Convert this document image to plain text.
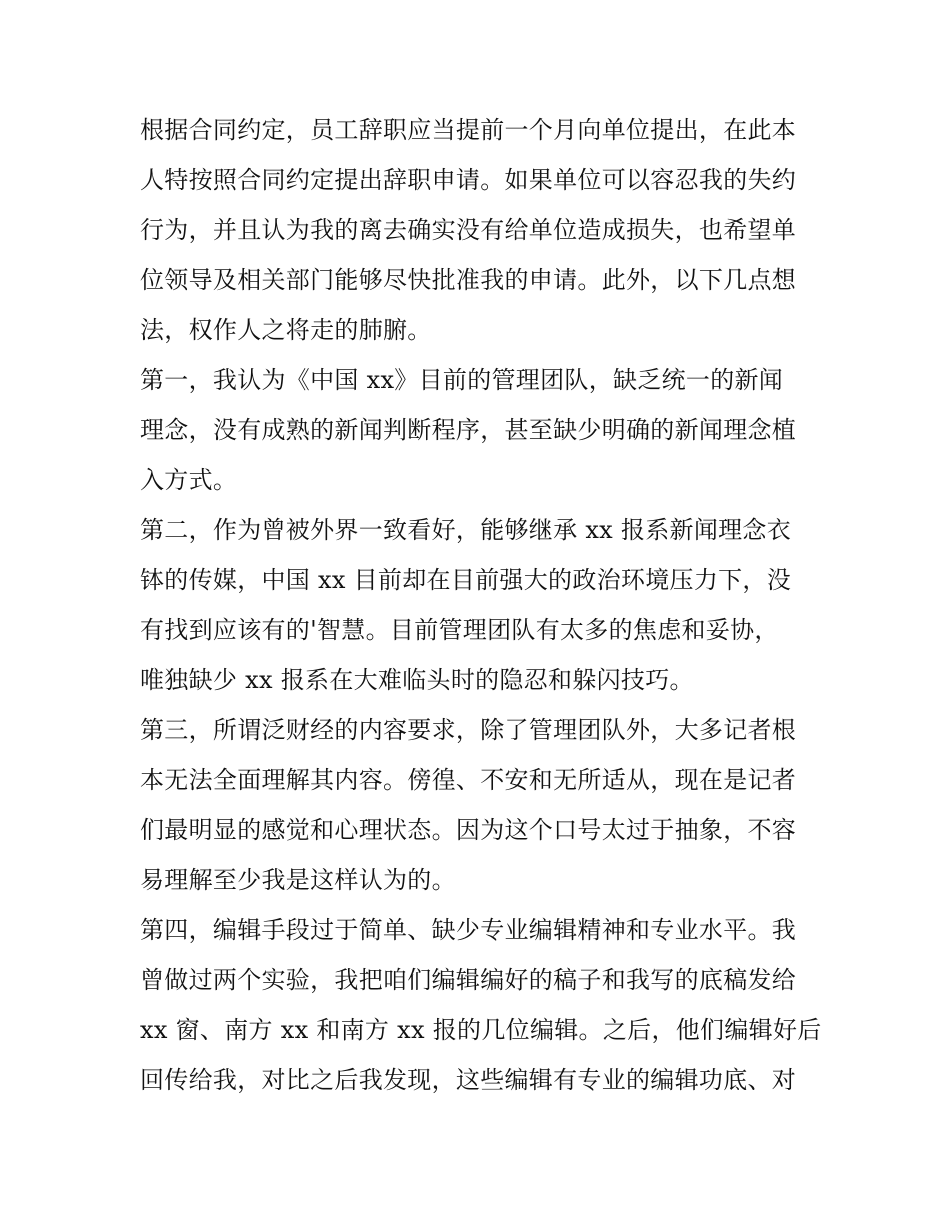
根据合同约定，员工辞职应当提前一个月向单位提出，在此本
人特按照合同约定提出辞职申请。如果单位可以容忍我的失约
行为，并且认为我的离去确实没有给单位造成损失，也希望单
位领导及相关部门能够尽快批准我的申请。此外，以下几点想
法，权作人之将走的肺腑。
第一，我认为《中国 xx》目前的管理团队，缺乏统一的新闻
理念，没有成熟的新闻判断程序，甚至缺少明确的新闻理念植
入方式。
第二，作为曾被外界一致看好，能够继承 xx 报系新闻理念衣
钵的传媒，中国 xx 目前却在目前强大的政治环境压力下，没
有找到应该有的'智慧。目前管理团队有太多的焦虑和妥协，
唯独缺少 xx 报系在大难临头时的隐忍和躲闪技巧。
第三，所谓泛财经的内容要求，除了管理团队外，大多记者根
本无法全面理解其内容。傍徨、不安和无所适从，现在是记者
们最明显的感觉和心理状态。因为这个口号太过于抽象，不容
易理解至少我是这样认为的。
第四，编辑手段过于简单、缺少专业编辑精神和专业水平。我
曾做过两个实验，我把咱们编辑编好的稿子和我写的底稿发给
xx 窗、南方 xx 和南方 xx 报的几位编辑。之后，他们编辑好后
回传给我，对比之后我发现，这些编辑有专业的编辑功底、对
